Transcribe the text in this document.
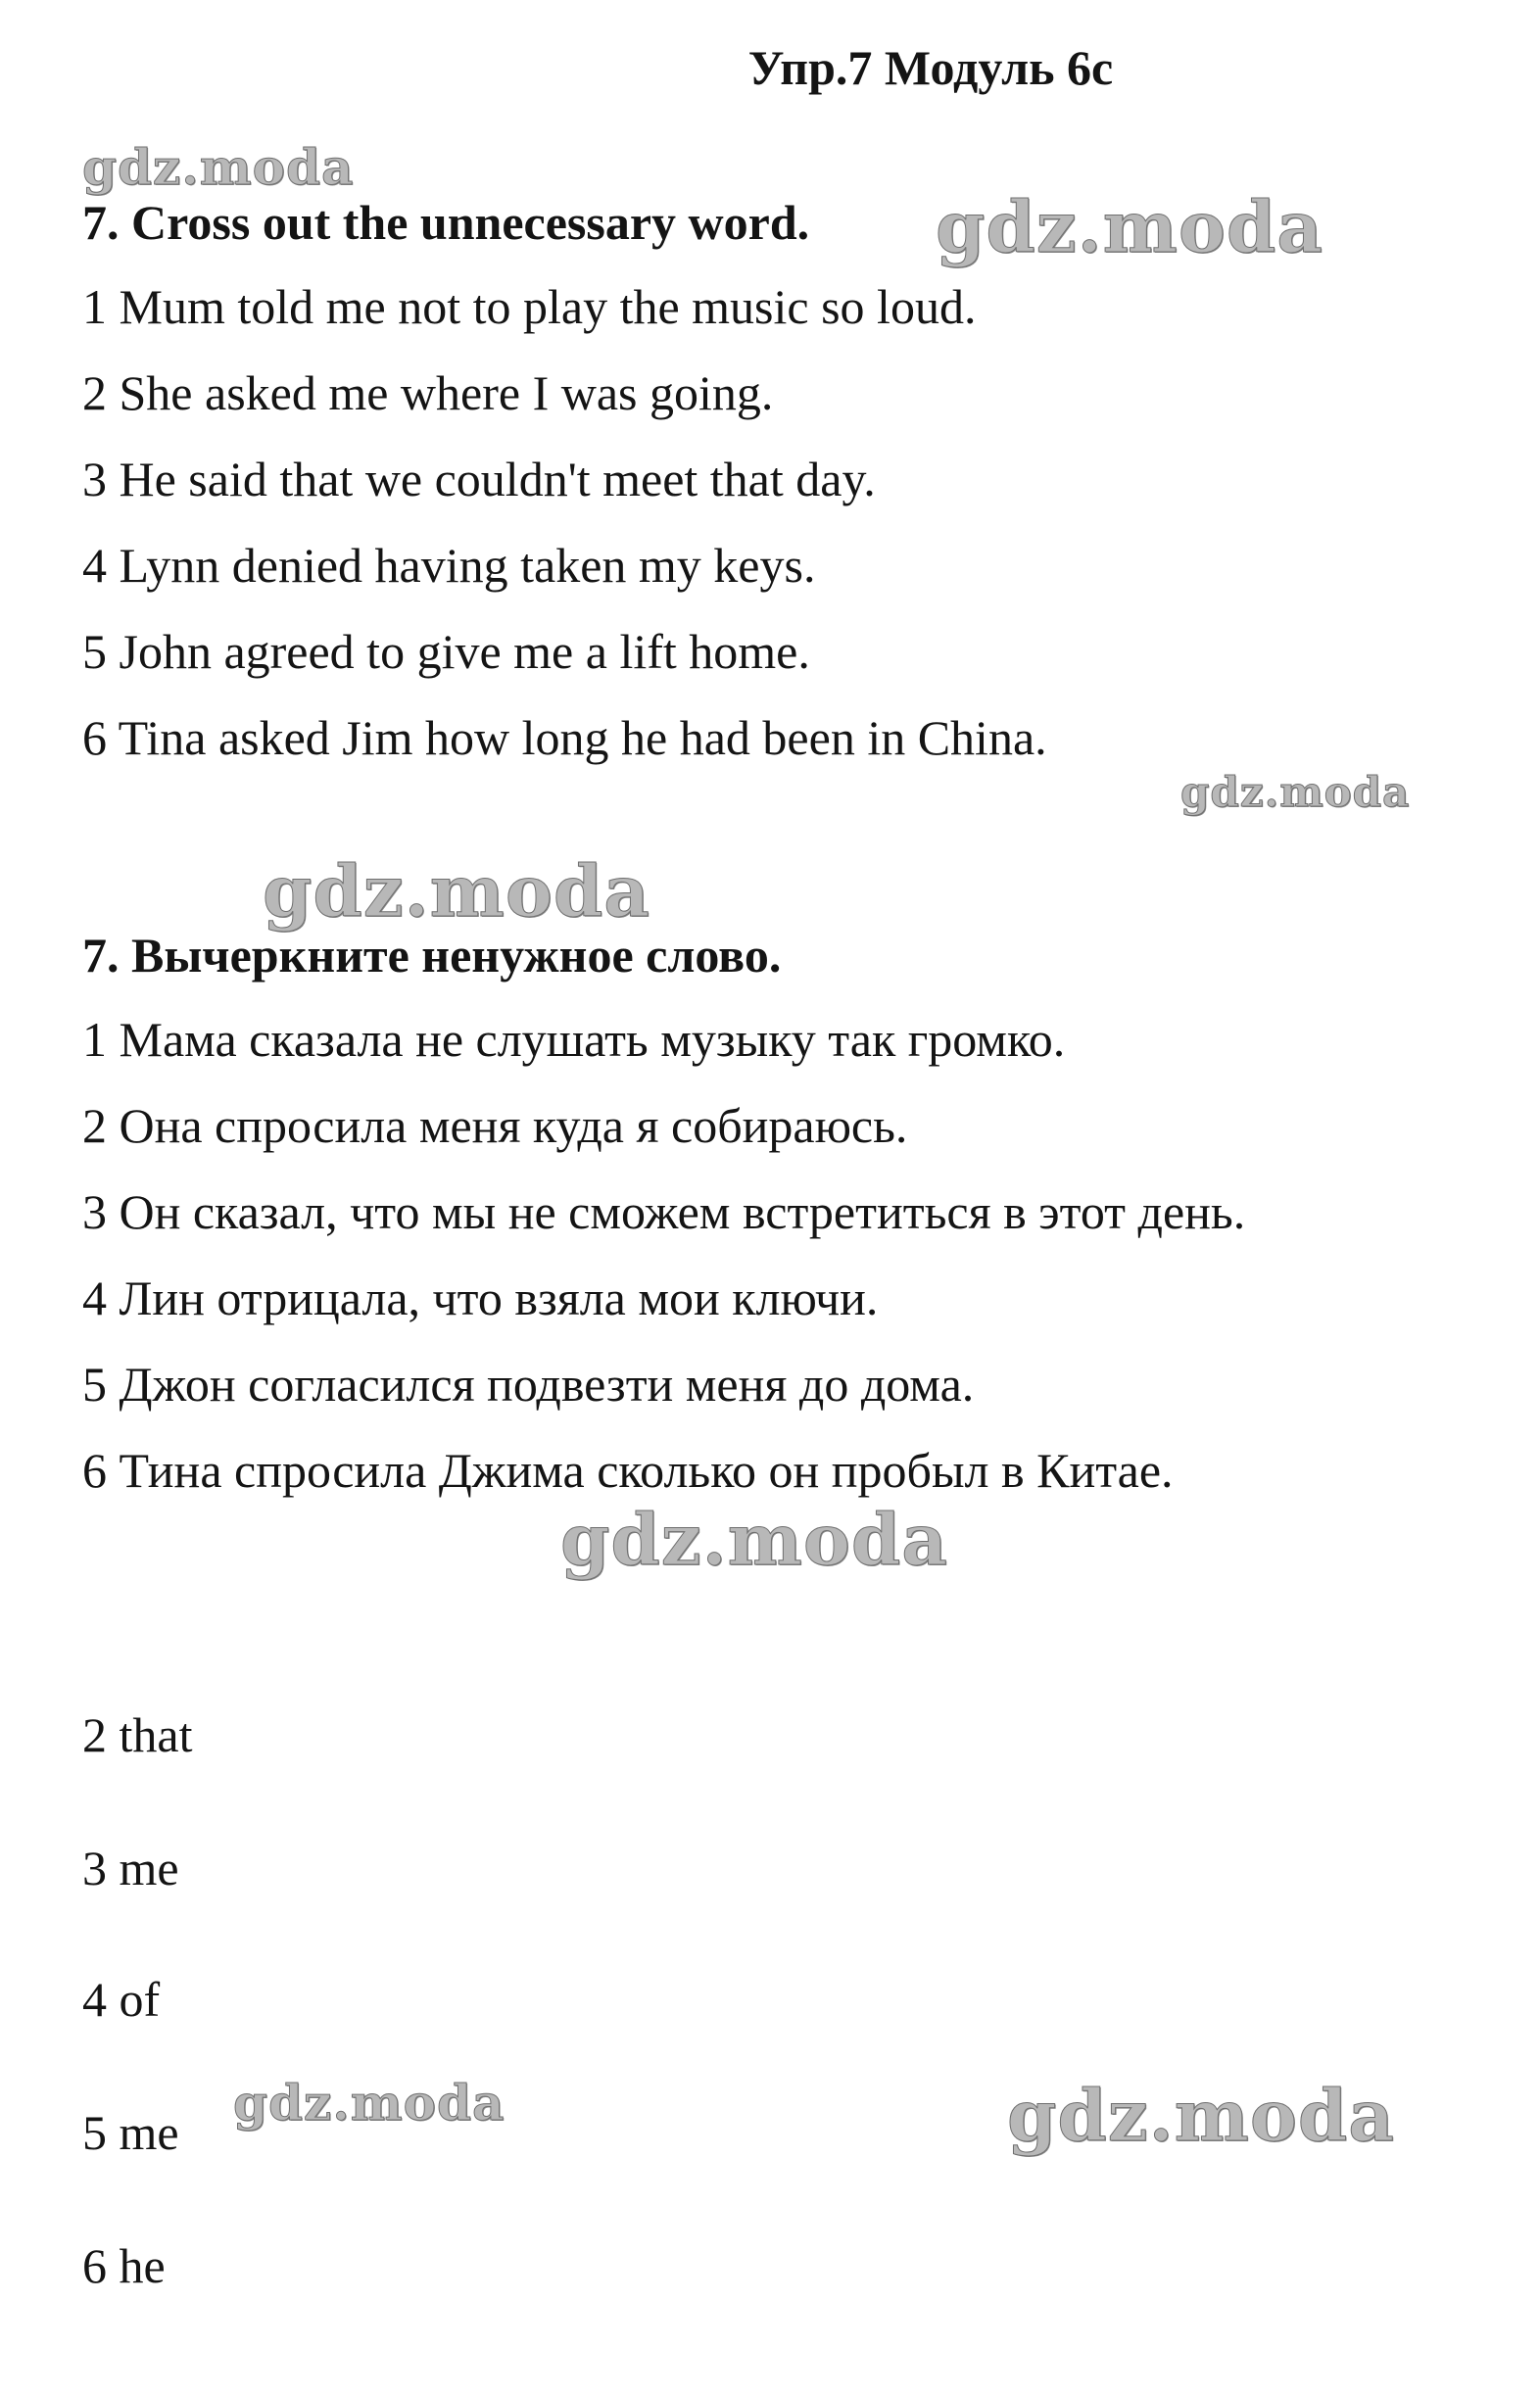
Упр.7 Модуль 6с
gdz.moda
7. Cross out the unnecessary word. gdz.moda
1 Mum told me not to play the music so loud.
2 She asked me where I was going.
3 He said that we couldn't meet that day.
4 Lynn denied having taken my keys.
5 John agreed to give me a lift home.
6 Tina asked Jim how long he had been in China.
gdz.moda
gdz.moda
7. Вычеркните ненужное слово.
1 Мама сказала не слушать музыку так громко.
2 Она спросила меня куда я собираюсь.
3 Он сказал, что мы не сможем встретиться в этот день.
4 Лин отрицала, что взяла мои ключи.
5 Джон согласился подвезти меня до дома.
6 Тина спросила Джима сколько он пробыл в Китае.
gdz.moda
2 that
3 me
4 of
5 me
gdz.moda	gdz.moda
6 he
